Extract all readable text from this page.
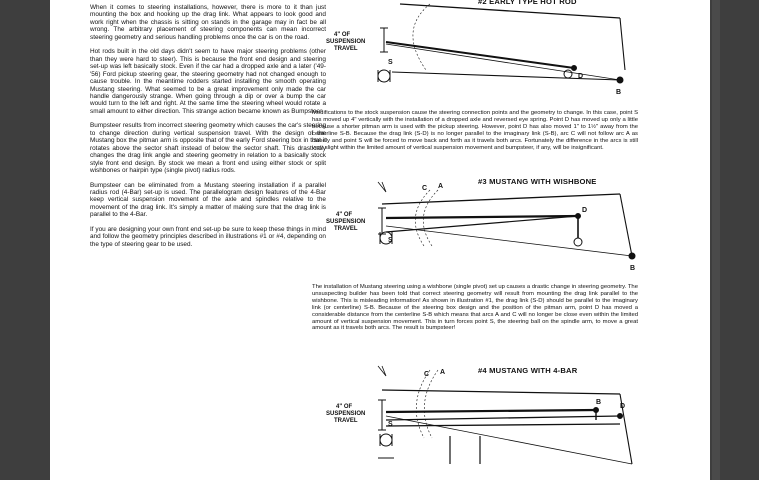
When it comes to steering installations, however, there is more to it than just mounting the box and hooking up the drag link. What appears to look good and work right when the chassis is sitting on stands in the garage may in fact be all wrong. The arbitrary placement of steering components can mean incorrect steering geometry and serious handling problems once the car is on the road.

Hot rods built in the old days didn't seem to have major steering problems (other than they were hard to steer). This is because the front end design and steering set-up was left basically stock. Even if the car had a dropped axle and a later ('49-'56) Ford pickup steering gear, the steering geometry had not changed enough to cause trouble. In the meantime rodders started installing the smooth operating Mustang steering. What seemed to be a great improvement only made the car handle dangerously strange. When going through a dip or over a bump the car would turn to the left and right. At the same time the steering wheel would rotate a small amount to either direction. This strange action became known as Bumpsteer.

Bumpsteer results from incorrect steering geometry which causes the car's steering to change direction during vertical suspension travel. With the design of the Mustang box the pitman arm is opposite that of the early Ford steering box in that it rotates above the sector shaft instead of below the sector shaft. This drastically changes the drag link angle and steering geometry in relation to a basically stock style front end design. By stock we mean a front end using either stock or split wishbones or hairpin type (single pivot) radius rods.

Bumpsteer can be eliminated from a Mustang steering installation if a parallel radius rod (4-Bar) set-up is used. The parallelogram design features of the 4-Bar keep vertical suspension movement of the axle and spindles relative to the movement of the drag link. It's simply a matter of making sure that the drag link is parallel to the 4-Bar.

If you are designing your own front end set-up be sure to keep these things in mind and follow the geometry principles described in illustrations #1 or #4, depending on the type of steering gear to be used.

#2 EARLY TYPE HOT ROD
4" OF
SUSPENSION
TRAVEL
S
D
B
Modifications to the stock suspension cause the steering connection points and the geometry to change. In this case, point S has moved up 4" vertically with the installation of a dropped axle and reversed eye spring. Point D has moved up only a little because a shorter pitman arm is used with the pickup steering. However, point D has also moved 1" to 1½" away from the centerline S-B. Because the drag link (S-D) is no longer parallel to the imaginary link (S-B), arc C will not follow arc A as closely and point S will be forced to move back and forth as it travels both arcs. Fortunately the difference in the arcs is still very slight within the limited amount of vertical suspension movement and bumpsteer, if any, will be insignificant.
#3 MUSTANG WITH WISHBONE
C A
4" OF
SUSPENSION
TRAVEL
S
D
B
The installation of Mustang steering using a wishbone (single pivot) set up causes a drastic change in steering geometry. The unsuspecting builder has been told that correct steering geometry will result from mounting the drag link parallel to the wishbone. This is misleading information! As shown in illustration #1, the drag link (S-D) should be parallel to the imaginary link (or centerline) S-B. Because of the steering box design and the position of the pitman arm, point D has moved a considerable distance from the centerline S-B which means that arcs A and C will no longer be close even within the limited amount of vertical suspension movement. This in turn forces point S, the steering ball on the spindle arm, to move a great amount as it travels both arcs. The result is bumpsteer!
#4 MUSTANG WITH 4-BAR
C A
4" OF
SUSPENSION
TRAVEL	S
D
B
